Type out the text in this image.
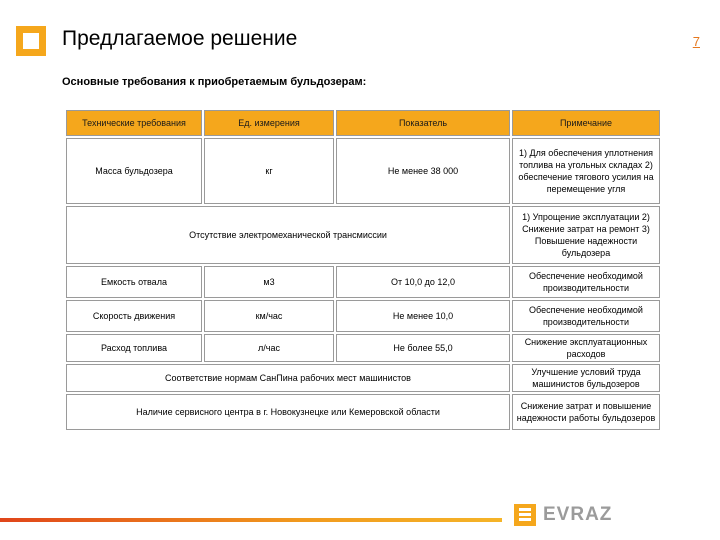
Предлагаемое решение	7
Основные требования к приобретаемым бульдозерам:
Технические требования	Ед. измерения	Показатель	Примечание
Масса бульдозера	кг	Не менее 38 000	1) Для обеспечения уплотнения топлива на угольных складах 2) обеспечение тягового усилия на перемещение угля
Отсутствие электромеханической трансмиссии			1) Упрощение эксплуатации 2) Снижение затрат на ремонт 3) Повышение надежности бульдозера
Емкость отвала	м3	От 10,0 до 12,0	Обеспечение необходимой производительности
Скорость движения	км/час	Не менее 10,0	Обеспечение необходимой производительности
Расход топлива	л/час	Не более 55,0	Снижение эксплуатационных расходов
Соответствие нормам СанПина рабочих мест машинистов			Улучшение условий труда машинистов бульдозеров
Наличие сервисного центра в г. Новокузнецке или Кемеровской области			Снижение затрат и повышение надежности работы бульдозеров
EVRAZ
